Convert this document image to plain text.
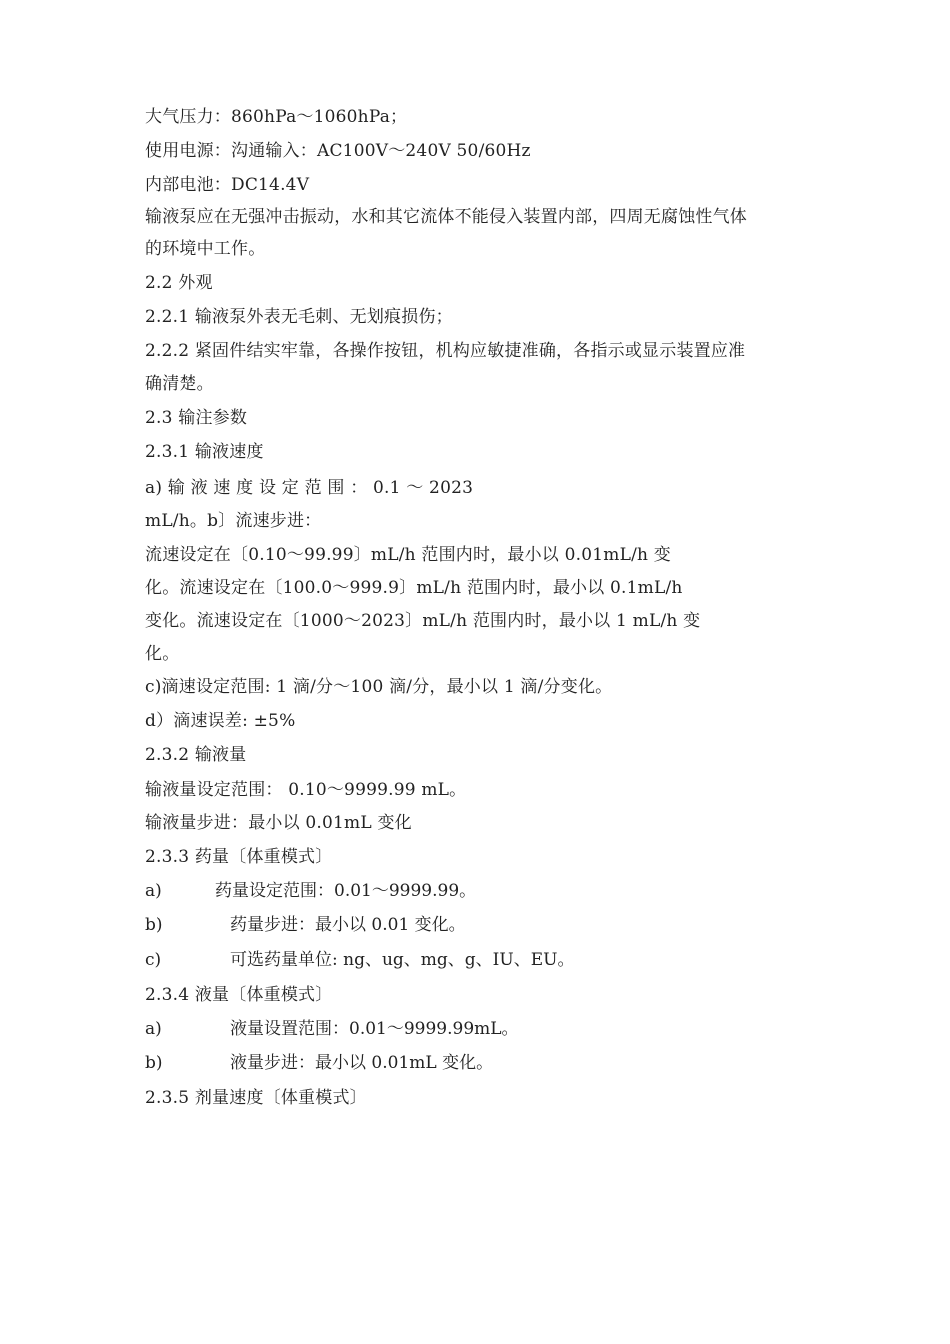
大气压力：860hPa～1060hPa；
使用电源：沟通输入：AC100V～240V 50/60Hz
内部电池：DC14.4V
输液泵应在无强冲击振动，水和其它流体不能侵入装置内部，四周无腐蚀性气体
的环境中工作。
2.2 外观
2.2.1 输液泵外表无毛刺、无划痕损伤；
2.2.2 紧固件结实牢靠，各操作按钮，机构应敏捷准确，各指示或显示装置应准
确清楚。
2.3 输注参数
2.3.1 输液速度
a) 输 液 速 度 设 定 范 围 ： 0.1 ～ 2023
mL/h。b〕流速步进：
流速设定在〔0.10～99.99〕mL/h 范围内时，最小以 0.01mL/h 变
化。流速设定在〔100.0～999.9〕mL/h 范围内时，最小以 0.1mL/h
变化。流速设定在〔1000～2023〕mL/h 范围内时，最小以 1 mL/h 变
化。
c)滴速设定范围: 1 滴/分～100 滴/分，最小以 1 滴/分变化。
d）滴速误差: ±5%
2.3.2 输液量
输液量设定范围： 0.10～9999.99 mL。
输液量步进：最小以 0.01mL 变化
2.3.3 药量〔体重模式〕
a)	药量设定范围：0.01～9999.99。
b)	药量步进：最小以 0.01 变化。
c)	可选药量单位: ng、ug、mg、g、IU、EU。
2.3.4 液量〔体重模式〕
a)	液量设置范围：0.01～9999.99mL。
b)	液量步进：最小以 0.01mL 变化。
2.3.5 剂量速度〔体重模式〕
